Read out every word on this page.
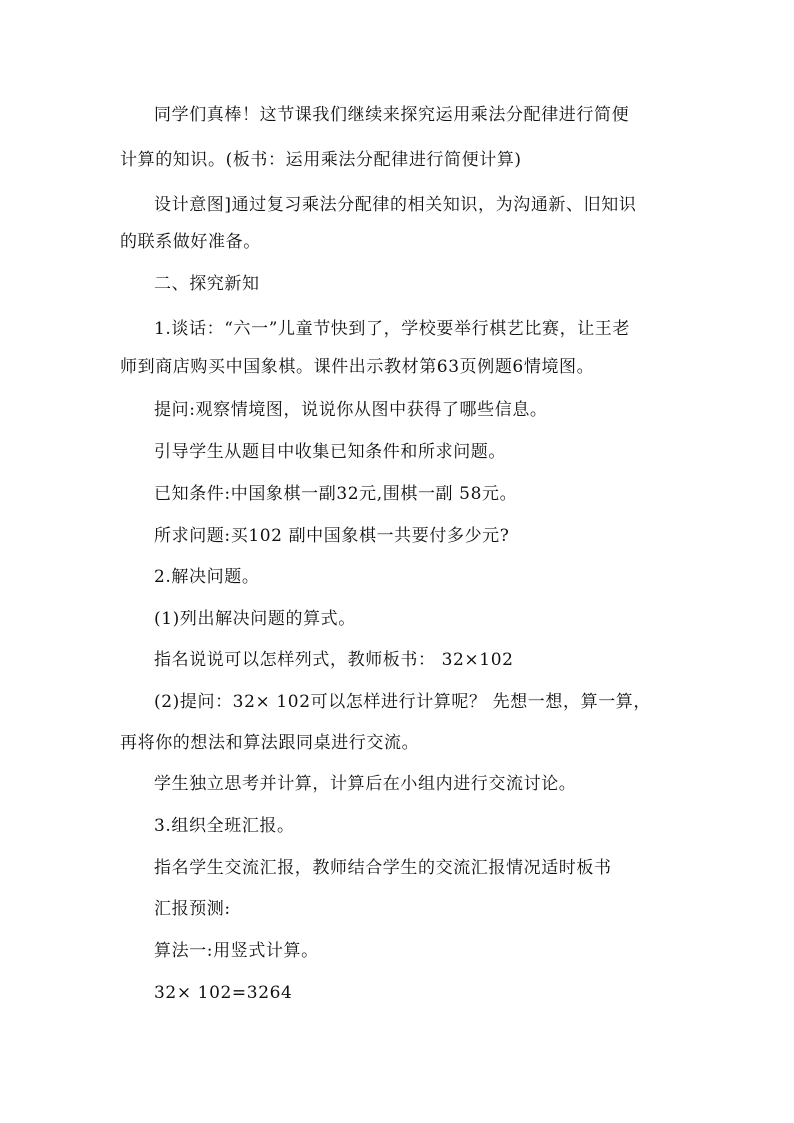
同学们真棒！这节课我们继续来探究运用乘法分配律进行简便
计算的知识。(板书：运用乘法分配律进行简便计算)
设计意图]通过复习乘法分配律的相关知识，为沟通新、旧知识
的联系做好准备。
二、探究新知
1.谈话：“六一”儿童节快到了，学校要举行棋艺比赛，让王老
师到商店购买中国象棋。课件出示教材第63页例题6情境图。
提问:观察情境图，说说你从图中获得了哪些信息。
引导学生从题目中收集已知条件和所求问题。
已知条件:中国象棋一副32元,围棋一副 58元。
所求问题:买102 副中国象棋一共要付多少元?
2.解决问题。
(1)列出解决问题的算式。
指名说说可以怎样列式，教师板书： 32×102
(2)提问：32× 102可以怎样进行计算呢？ 先想一想，算一算，
再将你的想法和算法跟同桌进行交流。
学生独立思考并计算，计算后在小组内进行交流讨论。
3.组织全班汇报。
指名学生交流汇报，教师结合学生的交流汇报情况适时板书
汇报预测:
算法一:用竖式计算。
32× 102=3264
